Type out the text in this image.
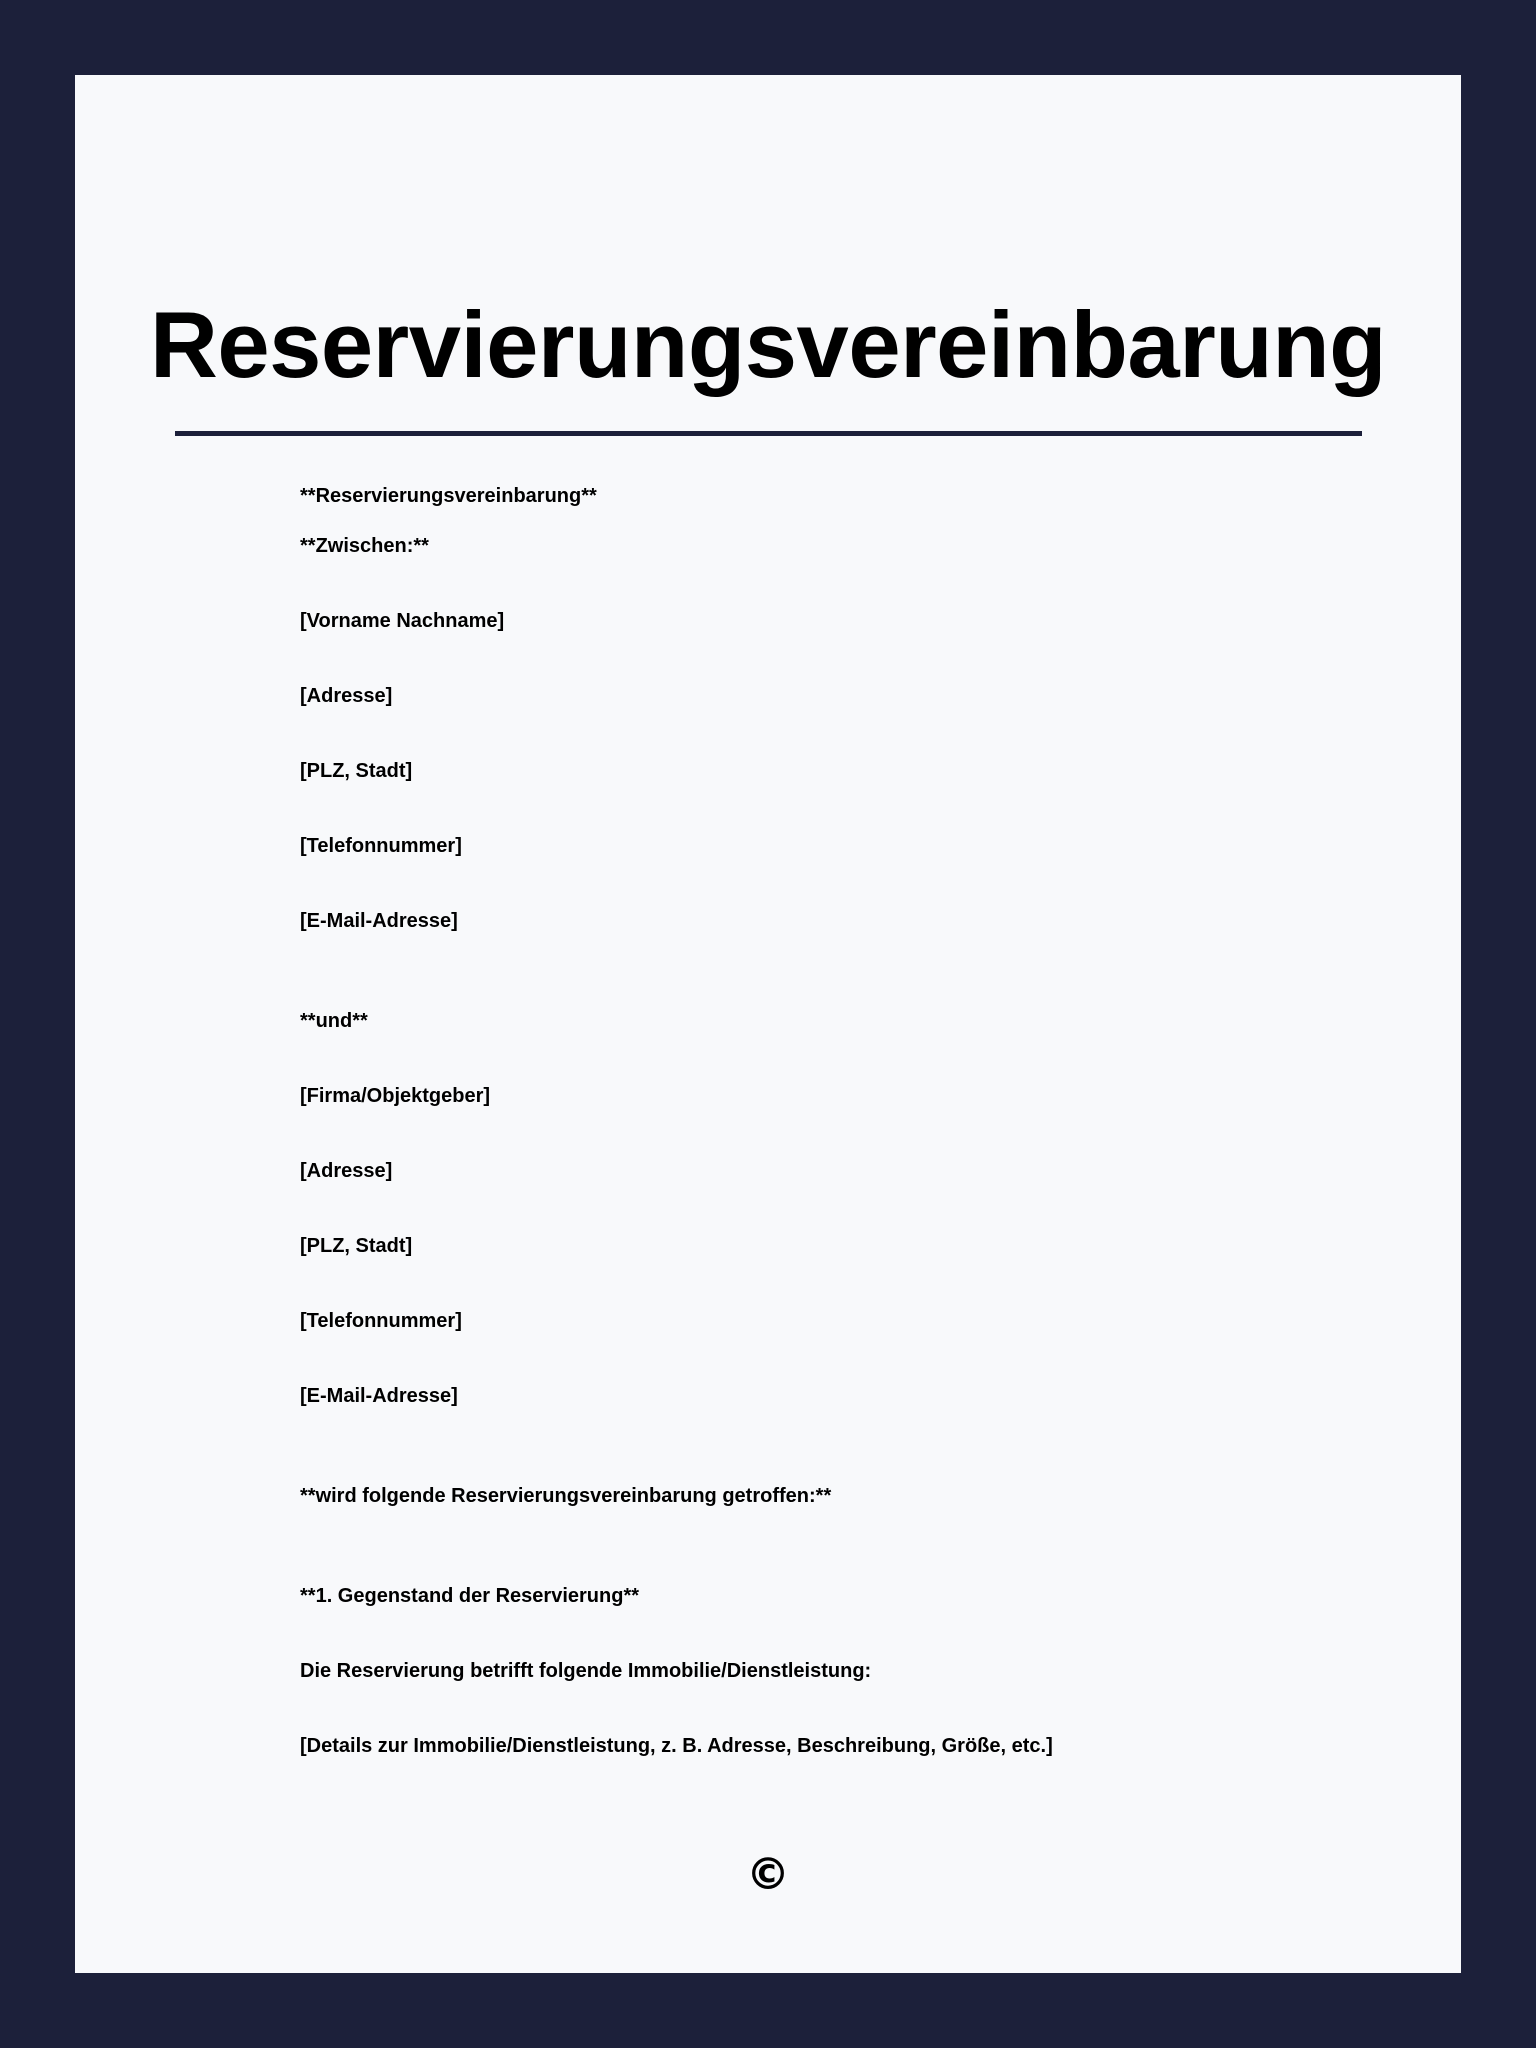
Reservierungsvereinbarung

**Reservierungsvereinbarung**

**Zwischen:**

[Vorname Nachname]

[Adresse]

[PLZ, Stadt]

[Telefonnummer]

[E-Mail-Adresse]

**und**

[Firma/Objektgeber]

[Adresse]

[PLZ, Stadt]

[Telefonnummer]

[E-Mail-Adresse]

**wird folgende Reservierungsvereinbarung getroffen:**

**1. Gegenstand der Reservierung**

Die Reservierung betrifft folgende Immobilie/Dienstleistung:

[Details zur Immobilie/Dienstleistung, z. B. Adresse, Beschreibung, Größe, etc.]

©
